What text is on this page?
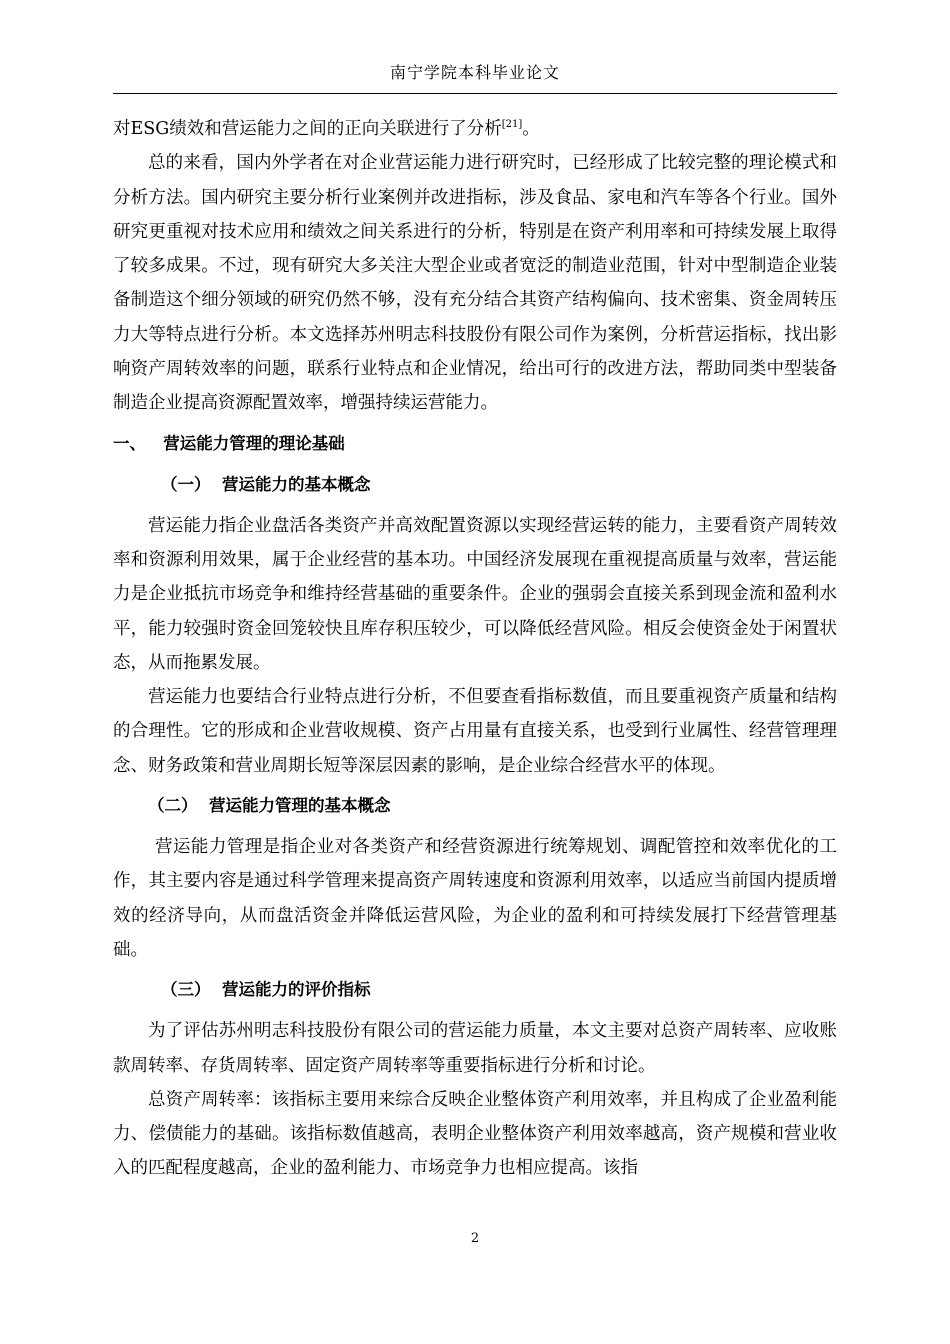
南宁学院本科毕业论文

对ESG绩效和营运能力之间的正向关联进行了分析[21]。

总的来看，国内外学者在对企业营运能力进行研究时，已经形成了比较完整的理论模式和分析方法。国内研究主要分析行业案例并改进指标，涉及食品、家电和汽车等各个行业。国外研究更重视对技术应用和绩效之间关系进行的分析，特别是在资产利用率和可持续发展上取得了较多成果。不过，现有研究大多关注大型企业或者宽泛的制造业范围，针对中型制造企业装备制造这个细分领域的研究仍然不够，没有充分结合其资产结构偏向、技术密集、资金周转压力大等特点进行分析。本文选择苏州明志科技股份有限公司作为案例，分析营运指标，找出影响资产周转效率的问题，联系行业特点和企业情况，给出可行的改进方法，帮助同类中型装备制造企业提高资源配置效率，增强持续运营能力。

一、 营运能力管理的理论基础
（一） 营运能力的基本概念

营运能力指企业盘活各类资产并高效配置资源以实现经营运转的能力，主要看资产周转效率和资源利用效果，属于企业经营的基本功。中国经济发展现在重视提高质量与效率，营运能力是企业抵抗市场竞争和维持经营基础的重要条件。企业的强弱会直接关系到现金流和盈利水平，能力较强时资金回笼较快且库存积压较少，可以降低经营风险。相反会使资金处于闲置状态，从而拖累发展。

营运能力也要结合行业特点进行分析，不但要查看指标数值，而且要重视资产质量和结构的合理性。它的形成和企业营收规模、资产占用量有直接关系，也受到行业属性、经营管理理念、财务政策和营业周期长短等深层因素的影响，是企业综合经营水平的体现。

（二） 营运能力管理的基本概念

营运能力管理是指企业对各类资产和经营资源进行统筹规划、调配管控和效率优化的工作，其主要内容是通过科学管理来提高资产周转速度和资源利用效率，以适应当前国内提质增效的经济导向，从而盘活资金并降低运营风险，为企业的盈利和可持续发展打下经营管理基础。

（三） 营运能力的评价指标

为了评估苏州明志科技股份有限公司的营运能力质量，本文主要对总资产周转率、应收账款周转率、存货周转率、固定资产周转率等重要指标进行分析和讨论。

总资产周转率：该指标主要用来综合反映企业整体资产利用效率，并且构成了企业盈利能力、偿债能力的基础。该指标数值越高，表明企业整体资产利用效率越高，资产规模和营业收入的匹配程度越高，企业的盈利能力、市场竞争力也相应提高。该指

2
